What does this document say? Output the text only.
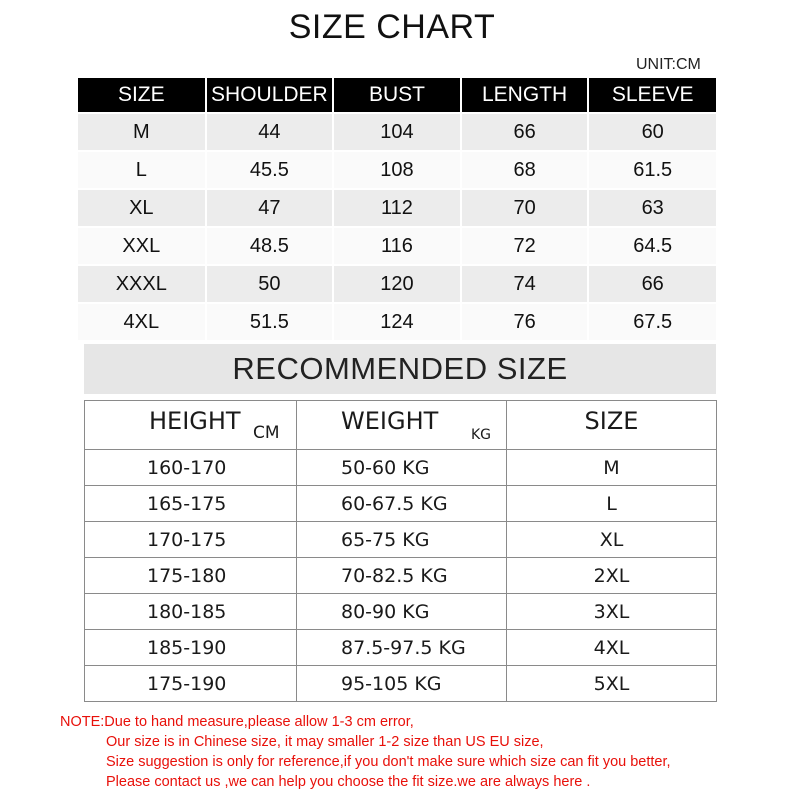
SIZE CHART
UNIT:CM
SIZE	SHOULDER	BUST	LENGTH	SLEEVE
M	44	104	66	60
L	45.5	108	68	61.5
XL	47	112	70	63
XXL	48.5	116	72	64.5
XXXL	50	120	74	66
4XL	51.5	124	76	67.5
RECOMMENDED SIZE
HEIGHT CM	WEIGHT KG	SIZE

160-170	50-60 KG	M
165-175	60-67.5 KG	L
170-175	65-75 KG	XL
175-180	70-82.5 KG	2XL
180-185	80-90 KG	3XL
185-190	87.5-97.5 KG	4XL
175-190	95-105 KG	5XL
NOTE:Due to hand measure,please allow 1-3 cm error,
Our size is in Chinese size, it may smaller 1-2 size than US EU size,
Size suggestion is only for reference,if you don't make sure which size can fit you better,
Please contact us ,we can help you choose the fit size.we are always here .
